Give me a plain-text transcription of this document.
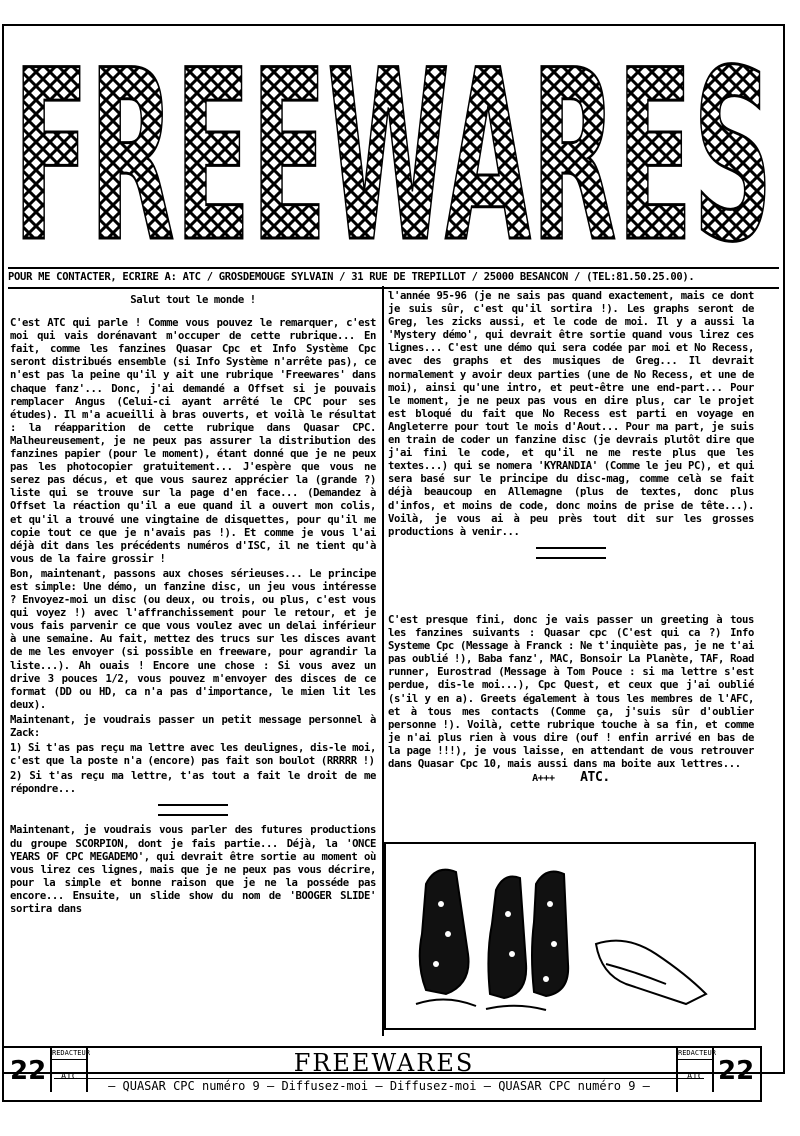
FREEWARES
POUR ME CONTACTER, ECRIRE A: ATC / GROSDEMOUGE SYLVAIN / 31 RUE DE TREPILLOT / 25000 BESANCON / (TEL:81.50.25.00).

Salut tout le monde !

C'est ATC qui parle ! Comme vous pouvez le remarquer, c'est moi qui vais dorénavant m'occuper de cette rubrique... En fait, comme les fanzines Quasar Cpc et Info Système Cpc seront distribués ensemble (si Info Système n'arrête pas), ce n'est pas la peine qu'il y ait une rubrique 'Freewares' dans chaque fanz'... Donc, j'ai demandé a Offset si je pouvais remplacer Angus (Celui-ci ayant arrêté le CPC pour ses études). Il m'a acueilli à bras ouverts, et voilà le résultat : la réapparition de cette rubrique dans Quasar CPC. Malheureusement, je ne peux pas assurer la distribution des fanzines papier (pour le moment), étant donné que je ne peux pas les photocopier gratuitement... J'espère que vous ne serez pas décus, et que vous saurez apprécier la (grande ?) liste qui se trouve sur la page d'en face... (Demandez à Offset la réaction qu'il a eue quand il a ouvert mon colis, et qu'il a trouvé une vingtaine de disquettes, pour qu'il me copie tout ce que je n'avais pas !). Et comme je vous l'ai déjà dit dans les précédents numéros d'ISC, il ne tient qu'à vous de la faire grossir !

Bon, maintenant, passons aux choses sérieuses... Le principe est simple: Une démo, un fanzine disc, un jeu vous intéresse ? Envoyez-moi un disc (ou deux, ou trois, ou plus, c'est vous qui voyez !) avec l'affranchissement pour le retour, et je vous fais parvenir ce que vous voulez avec un delai inférieur à une semaine. Au fait, mettez des trucs sur les disces avant de me les envoyer (si possible en freeware, pour agrandir la liste...). Ah ouais ! Encore une chose : Si vous avez un drive 3 pouces 1/2, vous pouvez m'envoyer des disces de ce format (DD ou HD, ca n'a pas d'importance, le mien lit les deux).

Maintenant, je voudrais passer un petit message personnel à Zack:

1) Si t'as pas reçu ma lettre avec les deulignes, dis-le moi, c'est que la poste n'a (encore) pas fait son boulot (RRRRR !)

2) Si t'as reçu ma lettre, t'as tout a fait le droit de me répondre...

Maintenant, je voudrais vous parler des futures productions du groupe SCORPION, dont je fais partie... Déjà, la 'ONCE YEARS OF CPC MEGADEMO', qui devrait être sortie au moment où vous lirez ces lignes, mais que je ne peux pas vous décrire, pour la simple et bonne raison que je ne la posséde pas encore... Ensuite, un slide show du nom de 'BOOGER SLIDE' sortira dans

l'année 95-96 (je ne sais pas quand exactement, mais ce dont je suis sûr, c'est qu'il sortira !). Les graphs seront de Greg, les zicks aussi, et le code de moi. Il y a aussi la 'Mystery démo', qui devrait être sortie quand vous lirez ces lignes... C'est une démo qui sera codée par moi et No Recess, avec des graphs et des musiques de Greg... Il devrait normalement y avoir deux parties (une de No Recess, et une de moi), ainsi qu'une intro, et peut-être une end-part... Pour le moment, je ne peux pas vous en dire plus, car le projet est bloqué du fait que No Recess est parti en voyage en Angleterre pour tout le mois d'Aout... Pour ma part, je suis en train de coder un fanzine disc (je devrais plutôt dire que j'ai fini le code, et qu'il ne me reste plus que les textes...) qui se nomera 'KYRANDIA' (Comme le jeu PC), et qui sera basé sur le principe du disc-mag, comme celà se fait déjà beaucoup en Allemagne (plus de textes, donc plus d'infos, et moins de code, donc moins de prise de tête...). Voilà, je vous ai à peu près tout dit sur les grosses productions à venir...

C'est presque fini, donc je vais passer un greeting à tous les fanzines suivants : Quasar cpc (C'est qui ca ?) Info Systeme Cpc (Message à Franck : Ne t'inquiète pas, je ne t'ai pas oublié !), Baba fanz', MAC, Bonsoir La Planète, TAF, Road runner, Eurostrad (Message à Tom Pouce : si ma lettre s'est perdue, dis-le moi...), Cpc Quest, et ceux que j'ai oublié (s'il y en a). Greets également à tous les membres de l'AFC, et à tous mes contacts (Comme ça, j'suis sûr d'oublier personne !). Voilà, cette rubrique touche à sa fin, et comme je n'ai plus rien à vous dire (ouf ! enfin arrivé en bas de la page !!!), je vous laisse, en attendant de vous retrouver dans Quasar Cpc 10, mais aussi dans ma boite aux lettres...

A+++ ATC.
22
REDACTEUR
ATC	FREEWARES
— QUASAR CPC numéro 9 — Diffusez-moi — Diffusez-moi — QUASAR CPC numéro 9 —
REDACTEUR
ATC 22
